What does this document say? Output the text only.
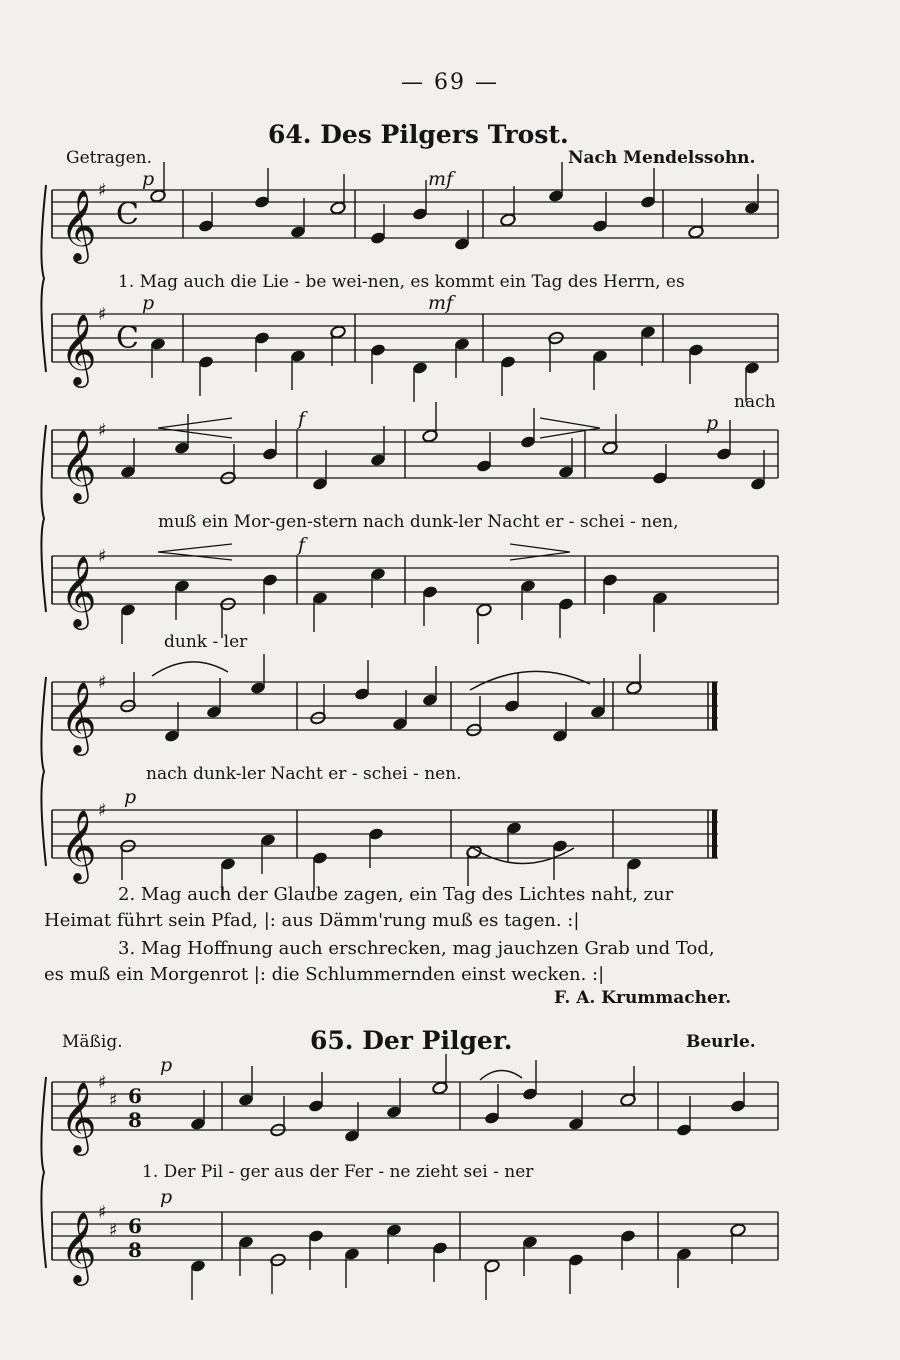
— 69 —
64. Des Pilgers Trost.
Getragen.	Nach Mendelssohn.
1. Mag auch die Lie - be wei-nen, es kommt ein Tag des Herrn, es
nach
muß ein Mor-gen-stern nach dunk-ler Nacht er - schei - nen,
dunk - ler
nach dunk-ler Nacht er - schei - nen.
2. Mag auch der Glaube zagen, ein Tag des Lichtes naht, zur
Heimat führt sein Pfad, |: aus Dämm'rung muß es tagen. :|
3. Mag Hoffnung auch erschrecken, mag jauchzen Grab und Tod,
es muß ein Morgenrot |: die Schlummernden einst wecken. :|
F. A. Krummacher.
Mäßig.	65. Der Pilger.	Beurle.
1. Der Pil - ger aus der Fer - ne zieht sei - ner
p	mf
p	mf
f	p
f
p
p
p
𝄞 ♯
C
𝄞 ♯
C
𝄞 ♯
𝄞 ♯
𝄞 ♯
𝄞 ♯
𝄞 ♯
♯ 6
8
𝄞 ♯
♯ 6
8
